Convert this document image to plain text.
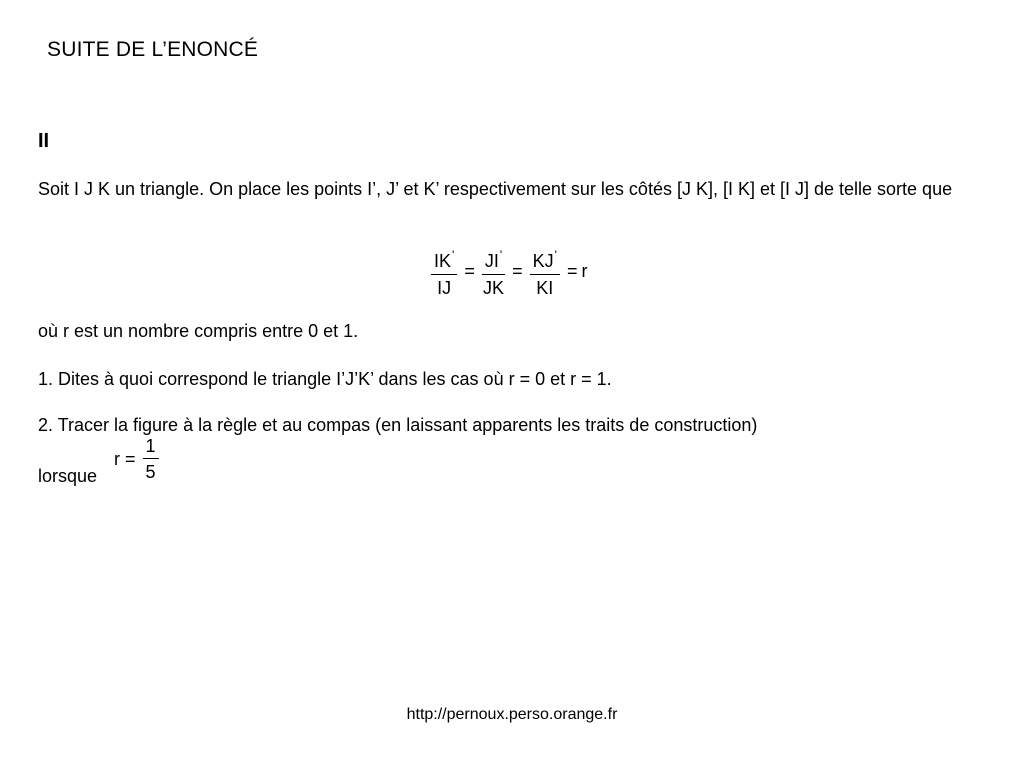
SUITE DE L’ENONCÉ
II
Soit I J K un triangle. On place les points I’, J’ et K’ respectivement sur les côtés [J K], [I K] et [I J] de telle sorte que
$\frac{IK'}{IJ} = \frac{JI'}{JK} = \frac{KJ'}{KI} = r$
où r est un nombre compris entre 0 et 1.
1. Dites à quoi correspond le triangle I’J’K’ dans les cas où r = 0 et r = 1.
2. Tracer la figure à la règle et au compas (en laissant apparents les traits de construction)
lorsque
$r = \frac{1}{5}$
http://pernoux.perso.orange.fr
